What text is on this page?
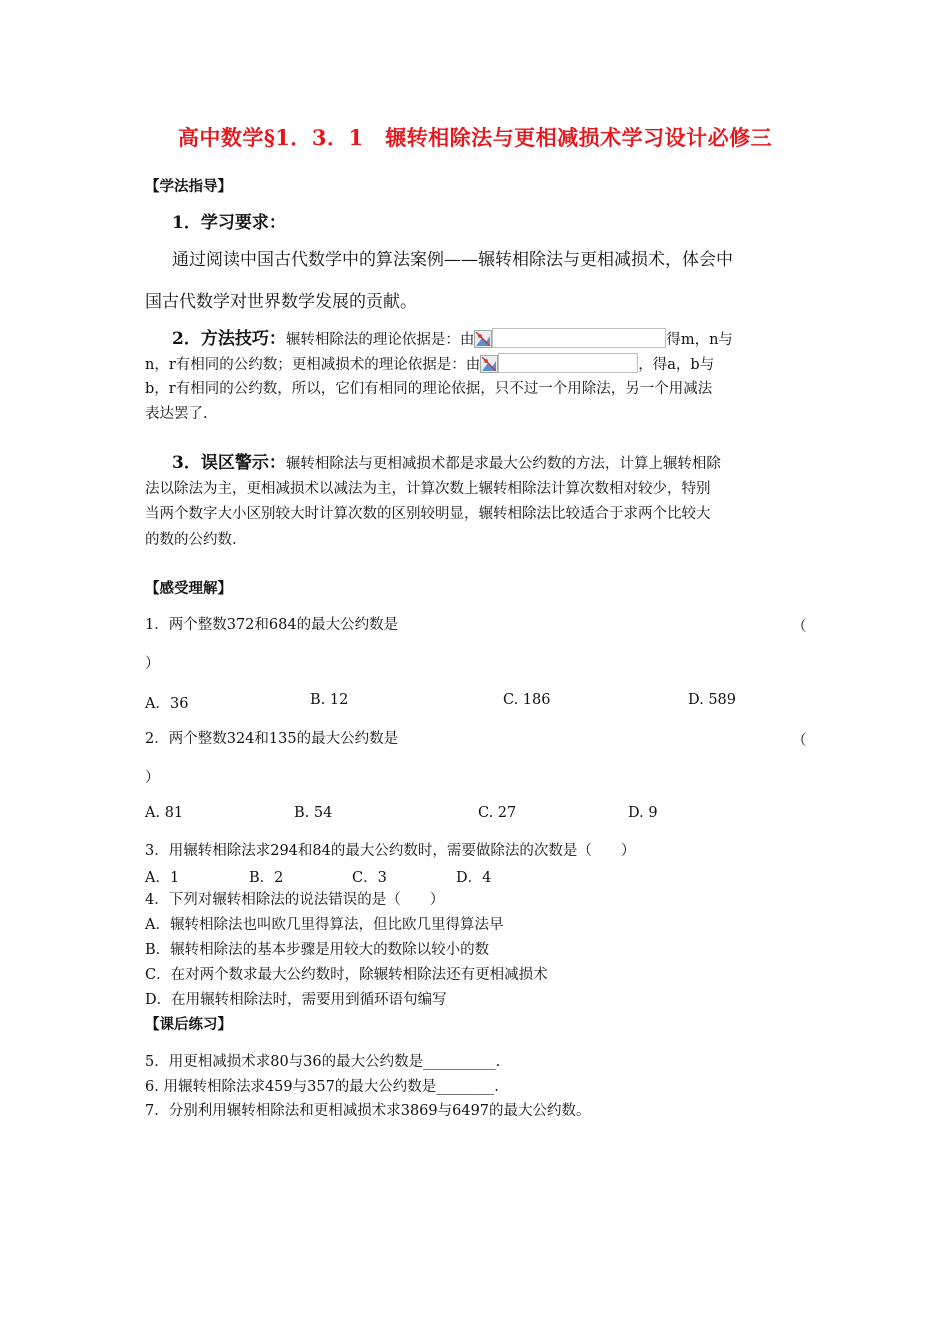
高中数学§1．3．1　辗转相除法与更相减损术学习设计必修三
【学法指导】
1．学习要求：
通过阅读中国古代数学中的算法案例——辗转相除法与更相减损术，体会中
国古代数学对世界数学发展的贡献。
2．方法技巧：辗转相除法的理论依据是：由	得m，n与
n，r有相同的公约数；更相减损术的理论依据是：由	，得a，b与
b，r有相同的公约数，所以，它们有相同的理论依据，只不过一个用除法，另一个用减法
表达罢了.
3．误区警示：辗转相除法与更相减损术都是求最大公约数的方法，计算上辗转相除
法以除法为主，更相减损术以减法为主，计算次数上辗转相除法计算次数相对较少，特别
当两个数字大小区别较大时计算次数的区别较明显，辗转相除法比较适合于求两个比较大
的数的公约数.
【感受理解】
1．两个整数372和684的最大公约数是	（
）
A．36	B. 12	C. 186	D. 589
2．两个整数324和135的最大公约数是	（
）
A. 81	B. 54	C. 27	D. 9
3．用辗转相除法求294和84的最大公约数时，需要做除法的次数是（　　）
A．1	B．2	C．3	D．4
4．下列对辗转相除法的说法错误的是（　　）
A．辗转相除法也叫欧几里得算法，但比欧几里得算法早
B．辗转相除法的基本步骤是用较大的数除以较小的数
C．在对两个数求最大公约数时，除辗转相除法还有更相减损术
D．在用辗转相除法时，需要用到循环语句编写
【课后练习】
5．用更相减损术求80与36的最大公约数是__________.
6. 用辗转相除法求459与357的最大公约数是________.
7．分别利用辗转相除法和更相减损术求3869与6497的最大公约数。
